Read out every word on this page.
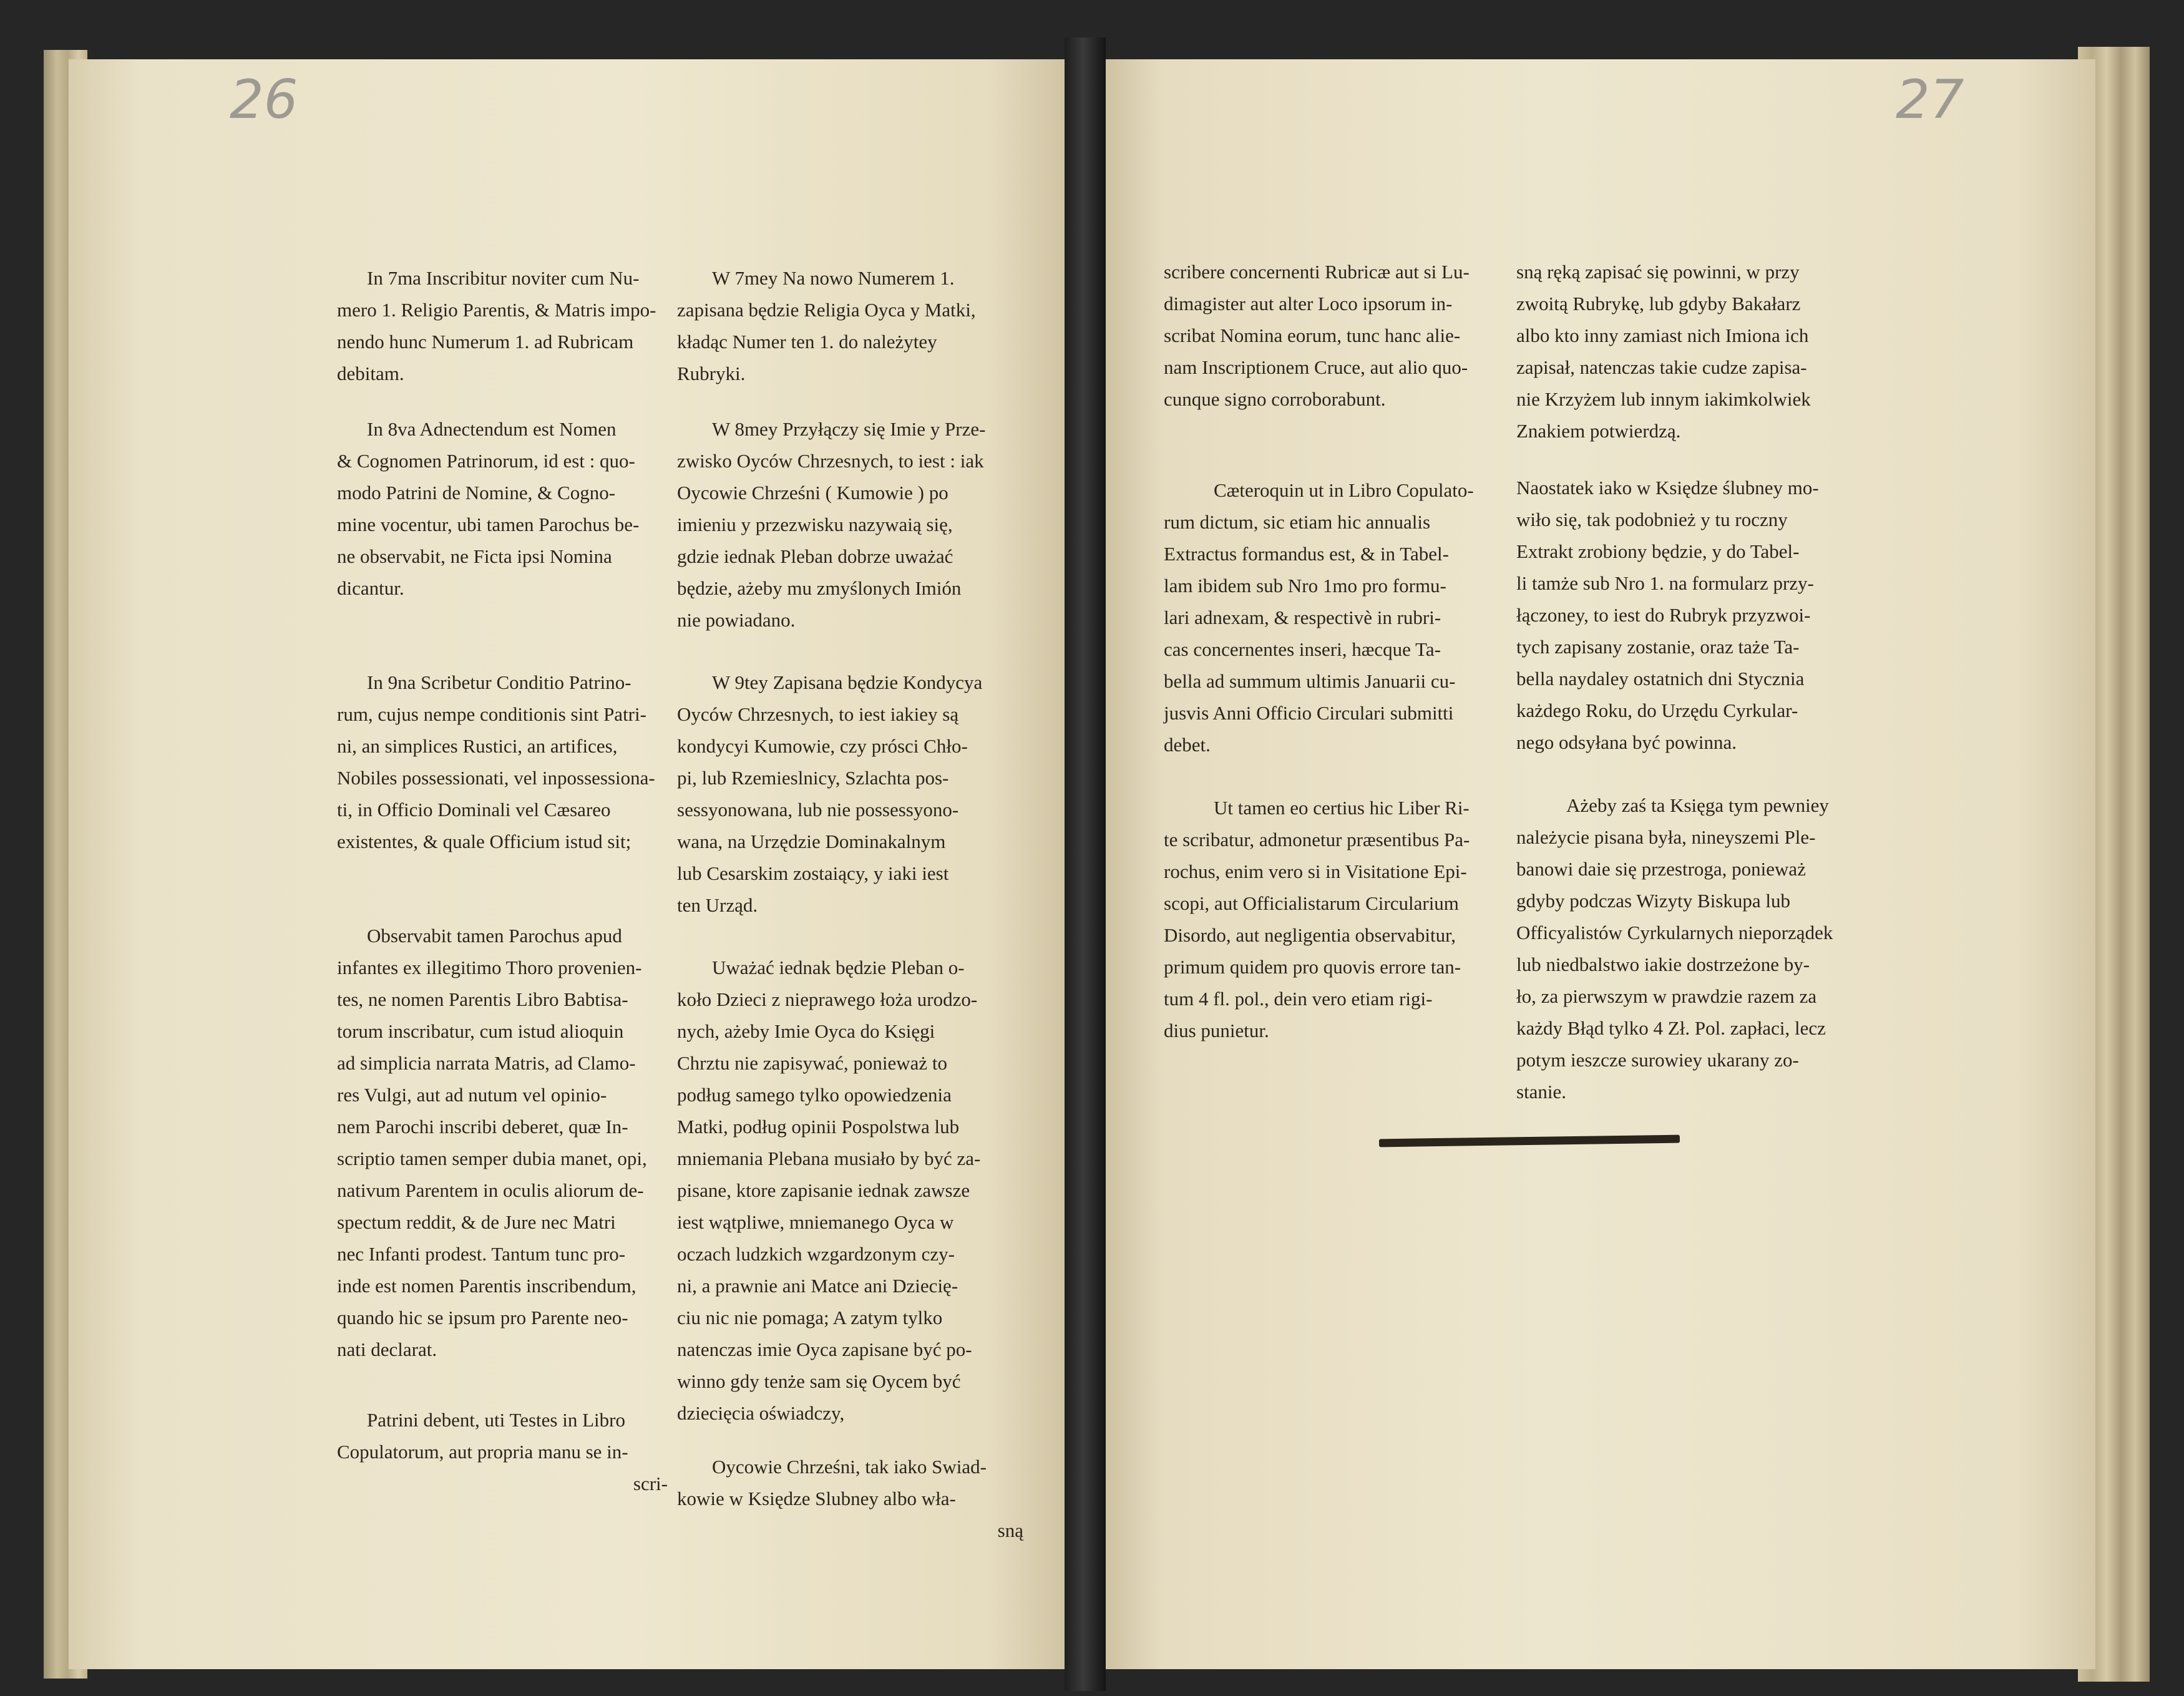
26	27

In 7ma Inscribitur noviter cum Nu-
mero 1. Religio Parentis, & Matris impo-
nendo hunc Numerum 1. ad Rubricam
debitam.

In 8va Adnectendum est Nomen
& Cognomen Patrinorum, id est : quo-
modo Patrini de Nomine, & Cogno-
mine vocentur, ubi tamen Parochus be-
ne observabit, ne Ficta ipsi Nomina
dicantur.

In 9na Scribetur Conditio Patrino-
rum, cujus nempe conditionis sint Patri-
ni, an simplices Rustici, an artifices,
Nobiles possessionati, vel inpossessiona-
ti, in Officio Dominali vel Cæsareo
existentes, & quale Officium istud sit;

Observabit tamen Parochus apud
infantes ex illegitimo Thoro provenien-
tes, ne nomen Parentis Libro Babtisa-
torum inscribatur, cum istud alioquin
ad simplicia narrata Matris, ad Clamo-
res Vulgi, aut ad nutum vel opinio-
nem Parochi inscribi deberet, quæ In-
scriptio tamen semper dubia manet, opi,
nativum Parentem in oculis aliorum de-
spectum reddit, & de Jure nec Matri
nec Infanti prodest. Tantum tunc pro-
inde est nomen Parentis inscribendum,
quando hic se ipsum pro Parente neo-
nati declarat.

Patrini debent, uti Testes in Libro
Copulatorum, aut propria manu se in-

scri-

W 7mey Na nowo Numerem 1.
zapisana będzie Religia Oyca y Matki,
kładąc Numer ten 1. do należytey
Rubryki.

W 8mey Przyłączy się Imie y Prze-
zwisko Oyców Chrzesnych, to iest : iak
Oycowie Chrześni ( Kumowie ) po
imieniu y przezwisku nazywaią się,
gdzie iednak Pleban dobrze uważać
będzie, ażeby mu zmyślonych Imión
nie powiadano.

W 9tey Zapisana będzie Kondycya
Oyców Chrzesnych, to iest iakiey są
kondycyi Kumowie, czy prósci Chło-
pi, lub Rzemieslnicy, Szlachta pos-
sessyonowana, lub nie possessyono-
wana, na Urzędzie Dominakalnym
lub Cesarskim zostaiący, y iaki iest
ten Urząd.

Uważać iednak będzie Pleban o-
koło Dzieci z nieprawego łoża urodzo-
nych, ażeby Imie Oyca do Księgi
Chrztu nie zapisywać, ponieważ to
podług samego tylko opowiedzenia
Matki, podług opinii Pospolstwa lub
mniemania Plebana musiało by być za-
pisane, ktore zapisanie iednak zawsze
iest wątpliwe, mniemanego Oyca w
oczach ludzkich wzgardzonym czy-
ni, a prawnie ani Matce ani Dziecię-
ciu nic nie pomaga; A zatym tylko
natenczas imie Oyca zapisane być po-
winno gdy tenże sam się Oycem być
dziecięcia oświadczy,

Oycowie Chrześni, tak iako Swiad-
kowie w Księdze Slubney albo wła-

sną

scribere concernenti Rubricæ aut si Lu-
dimagister aut alter Loco ipsorum in-
scribat Nomina eorum, tunc hanc alie-
nam Inscriptionem Cruce, aut alio quo-
cunque signo corroborabunt.

Cæteroquin ut in Libro Copulato-
rum dictum, sic etiam hic annualis
Extractus formandus est, & in Tabel-
lam ibidem sub Nro 1mo pro formu-
lari adnexam, & respectivè in rubri-
cas concernentes inseri, hæcque Ta-
bella ad summum ultimis Januarii cu-
jusvis Anni Officio Circulari submitti
debet.

Ut tamen eo certius hic Liber Ri-
te scribatur, admonetur præsentibus Pa-
rochus, enim vero si in Visitatione Epi-
scopi, aut Officialistarum Circularium
Disordo, aut negligentia observabitur,
primum quidem pro quovis errore tan-
tum 4 fl. pol., dein vero etiam rigi-
dius punietur.

sną ręką zapisać się powinni, w przy
zwoitą Rubrykę, lub gdyby Bakałarz
albo kto inny zamiast nich Imiona ich
zapisał, natenczas takie cudze zapisa-
nie Krzyżem lub innym iakimkolwiek
Znakiem potwierdzą.

Naostatek iako w Księdze ślubney mo-
wiło się, tak podobnież y tu roczny
Extrakt zrobiony będzie, y do Tabel-
li tamże sub Nro 1. na formularz przy-
łączoney, to iest do Rubryk przyzwoi-
tych zapisany zostanie, oraz taże Ta-
bella naydaley ostatnich dni Stycznia
każdego Roku, do Urzędu Cyrkular-
nego odsyłana być powinna.

Ażeby zaś ta Księga tym pewniey
należycie pisana była, nineyszemi Ple-
banowi daie się przestroga, ponieważ
gdyby podczas Wizyty Biskupa lub
Officyalistów Cyrkularnych nieporządek
lub niedbalstwo iakie dostrzeżone by-
ło, za pierwszym w prawdzie razem za
każdy Błąd tylko 4 Zł. Pol. zapłaci, lecz
potym ieszcze surowiey ukarany zo-
stanie.
